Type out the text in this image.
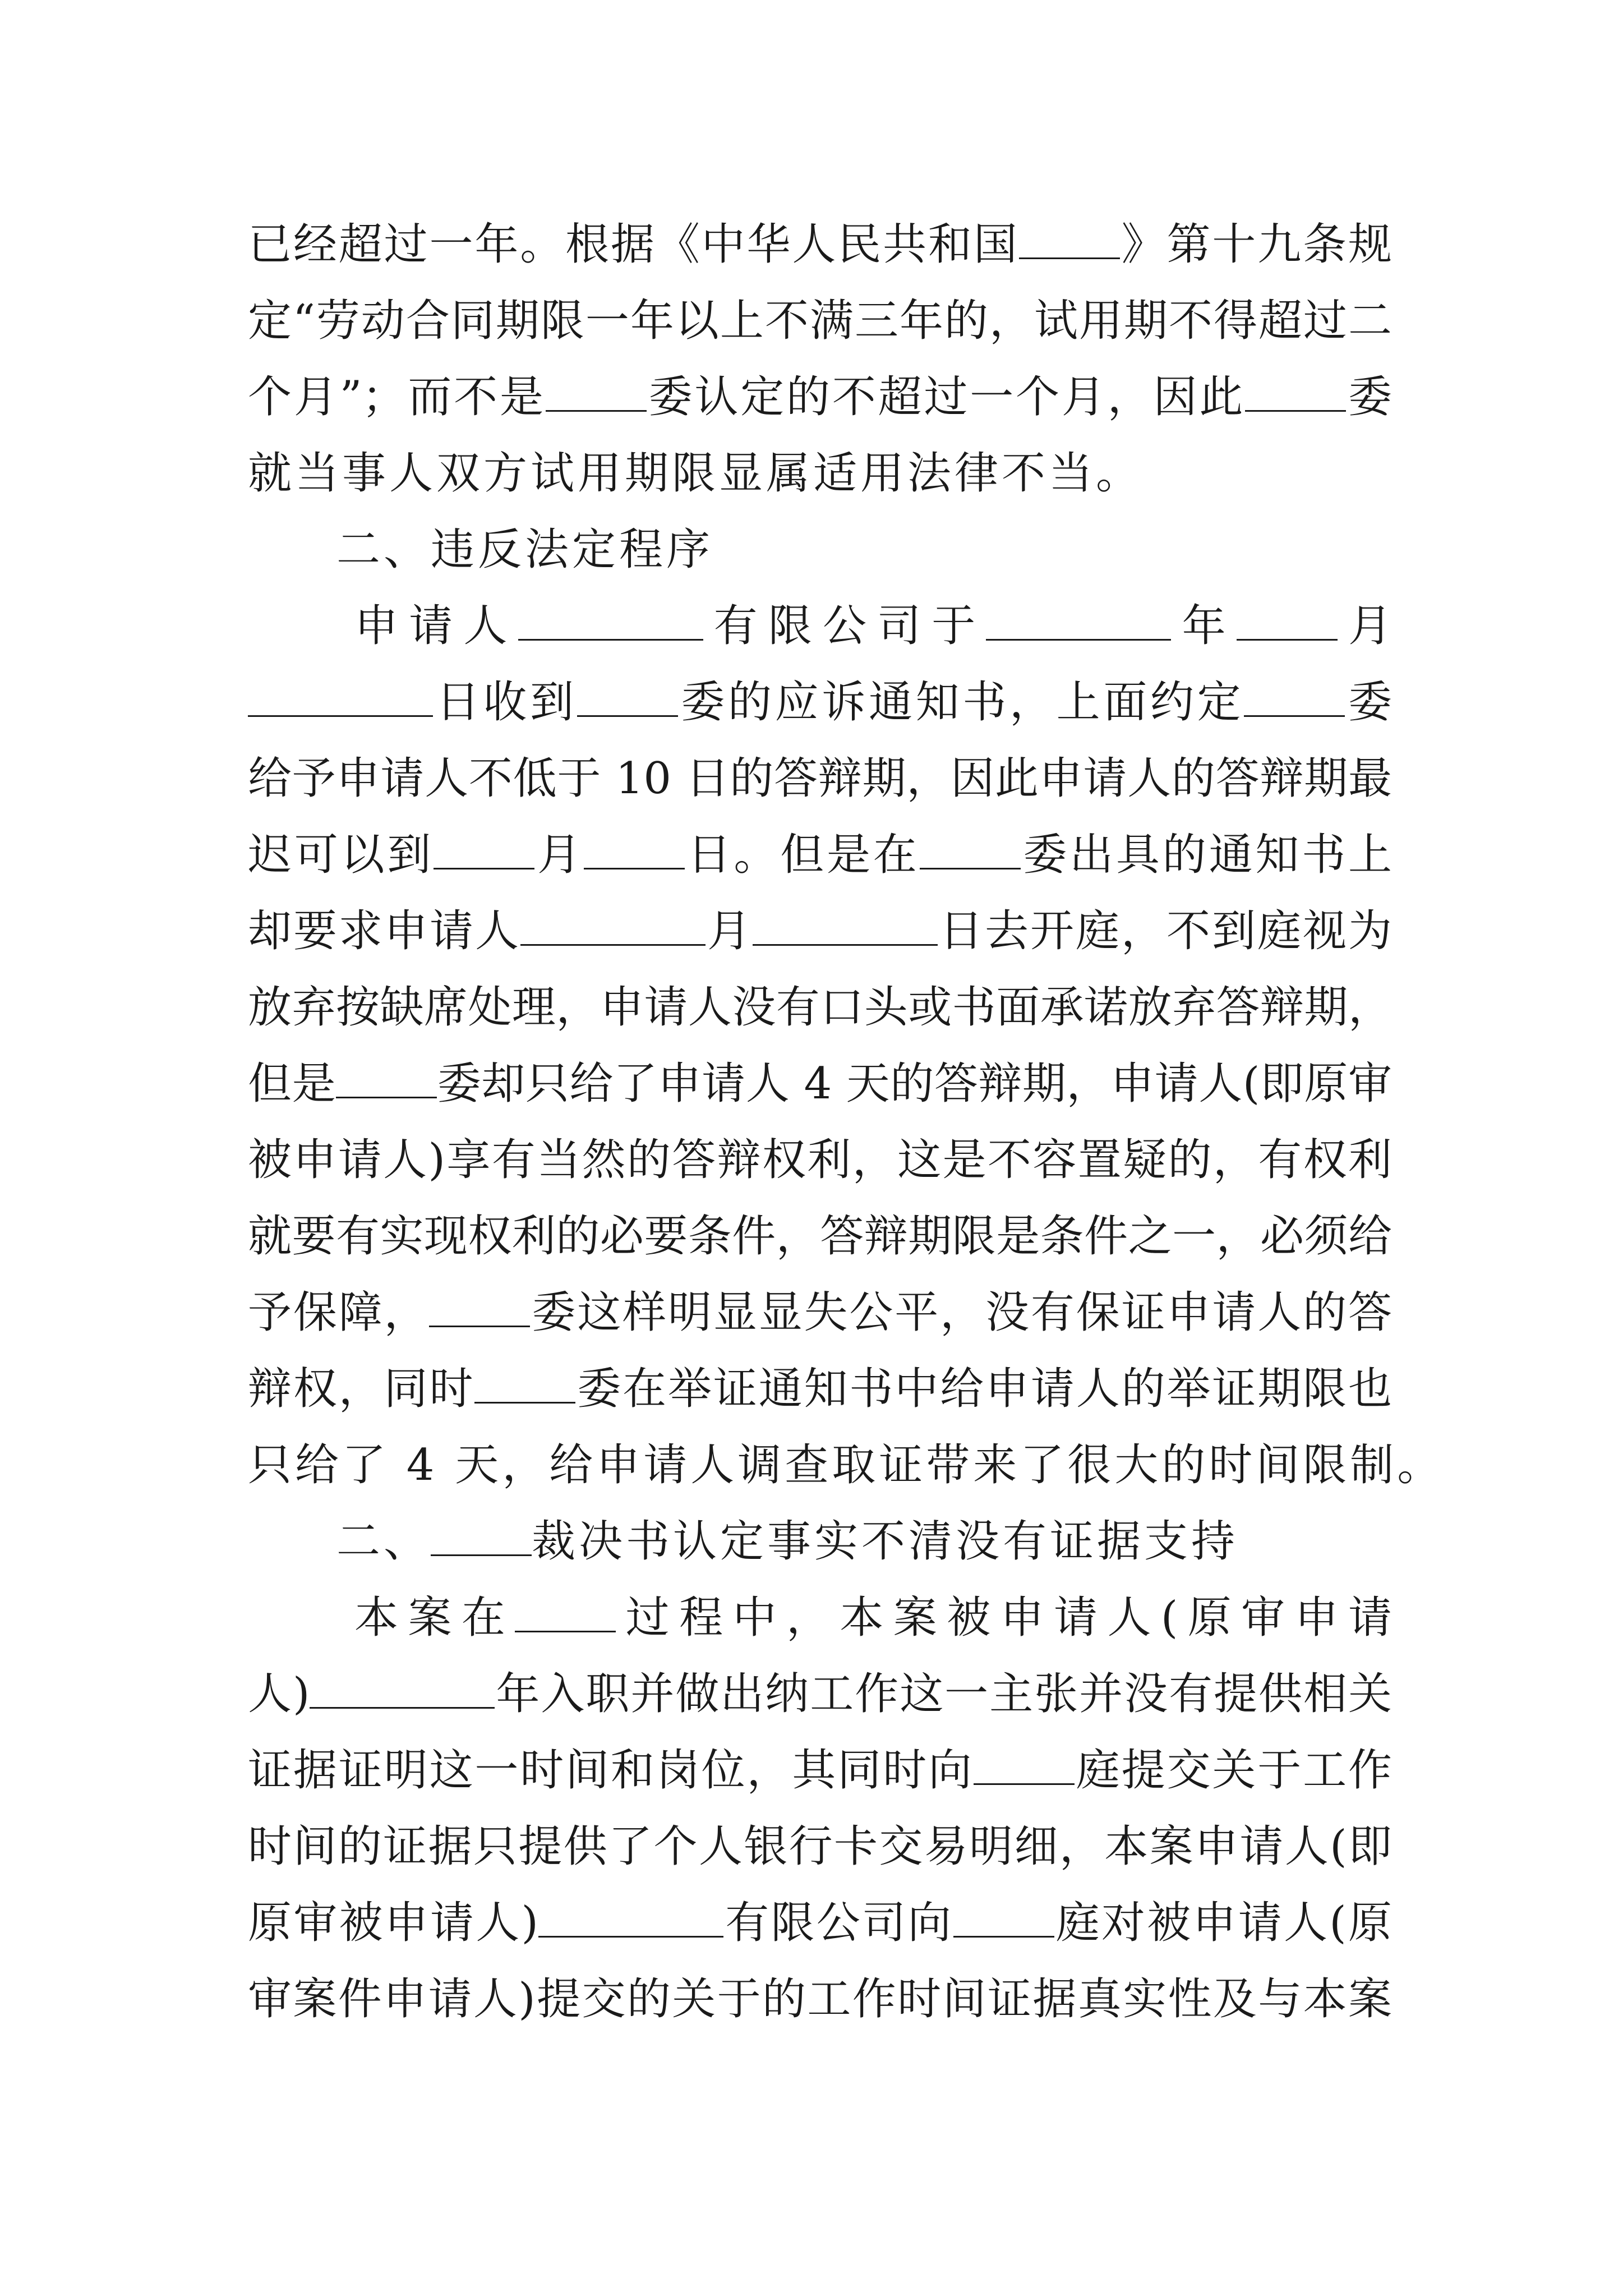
已经超过一年。根据《中华人民共和国 》第十九条规
定“劳动合同期限一年以上不满三年的，试用期不得超过二
个月”；而不是 委认定的不超过一个月，因此 委
就当事人双方试用期限显属适用法律不当。
二、违反法定程序
申请人	有限公司于	年 月
日收到 委的应诉通知书，上面约定 委
给予申请人不低于 10 日的答辩期，因此申请人的答辩期最
迟可以到 月 日。但是在 委出具的通知书上
却要求申请人	月	日去开庭，不到庭视为
放弃按缺席处理，申请人没有口头或书面承诺放弃答辩期，
但是 委却只给了申请人 4 天的答辩期，申请人(即原审
被申请人)享有当然的答辩权利，这是不容置疑的，有权利
就要有实现权利的必要条件，答辩期限是条件之一，必须给
予保障， 委这样明显显失公平，没有保证申请人的答
辩权，同时 委在举证通知书中给申请人的举证期限也
只给了 4 天，给申请人调查取证带来了很大的时间限制。
二、 裁决书认定事实不清没有证据支持
本案在 过程中，本案被申请人(原审申请
人)	年入职并做出纳工作这一主张并没有提供相关
证据证明这一时间和岗位，其同时向 庭提交关于工作
时间的证据只提供了个人银行卡交易明细，本案申请人(即
原审被申请人)	有限公司向 庭对被申请人(原
审案件申请人)提交的关于的工作时间证据真实性及与本案
